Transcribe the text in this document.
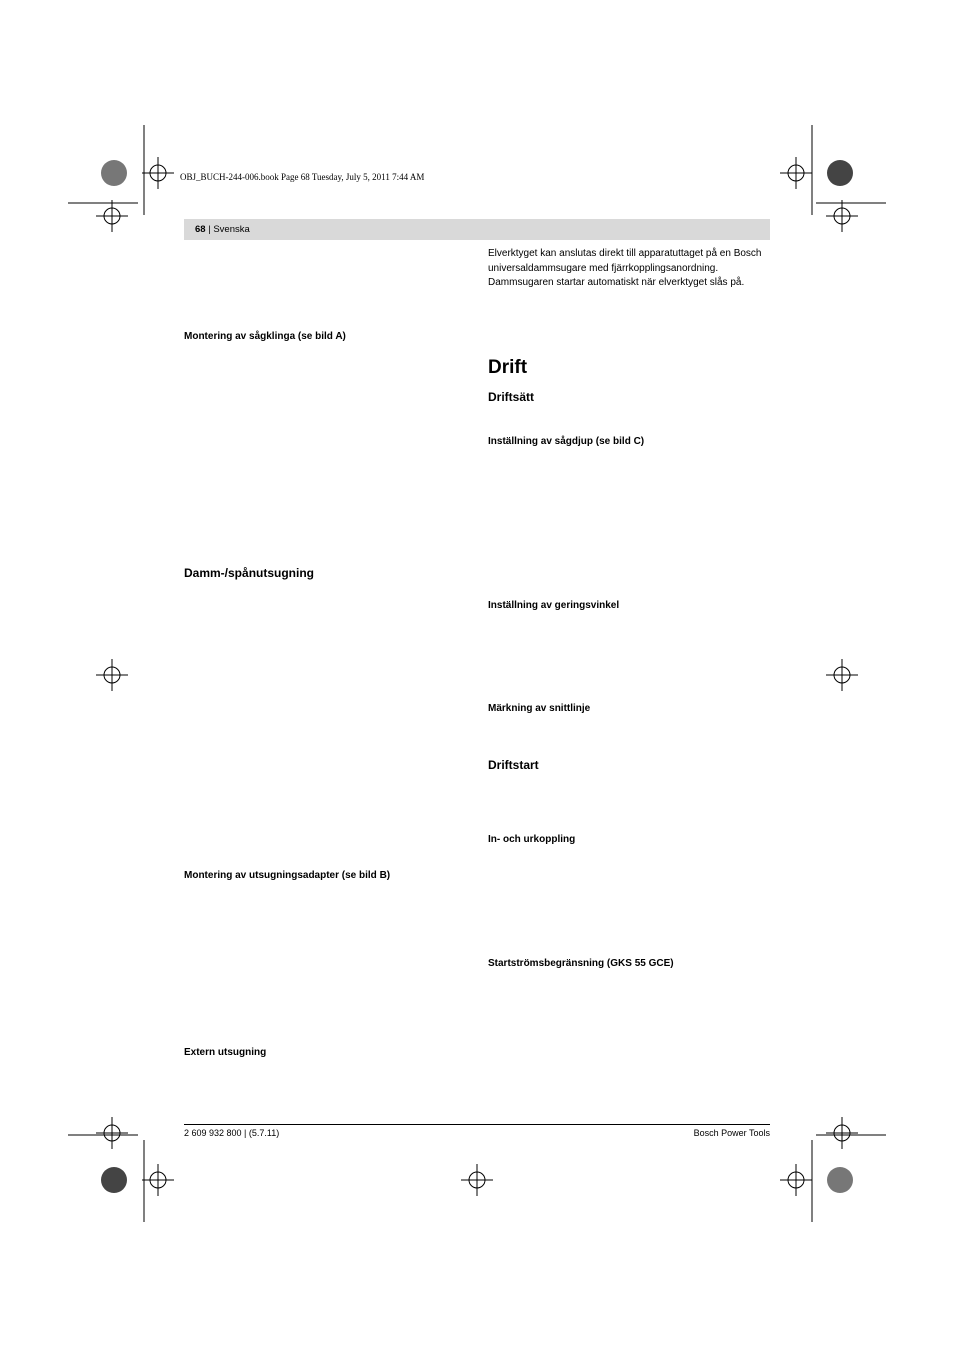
OBJ_BUCH-244-006.book Page 68 Tuesday, July 5, 2011 7:44 AM
68 | Svenska
Montering av sågklinga (se bild A)
Damm-/spånutsugning
Montering av utsugningsadapter (se bild B)
Extern utsugning

Elverktyget kan anslutas direkt till apparatuttaget på en Bosch universaldammsugare med fjärrkopplingsanordning. Dammsugaren startar automatiskt när elverktyget slås på.

Drift
Driftsätt
Inställning av sågdjup (se bild C)
Inställning av geringsvinkel
Märkning av snittlinje
Driftstart
In- och urkoppling
Startströmsbegränsning (GKS 55 GCE)
2 609 932 800 | (5.7.11)	Bosch Power Tools
